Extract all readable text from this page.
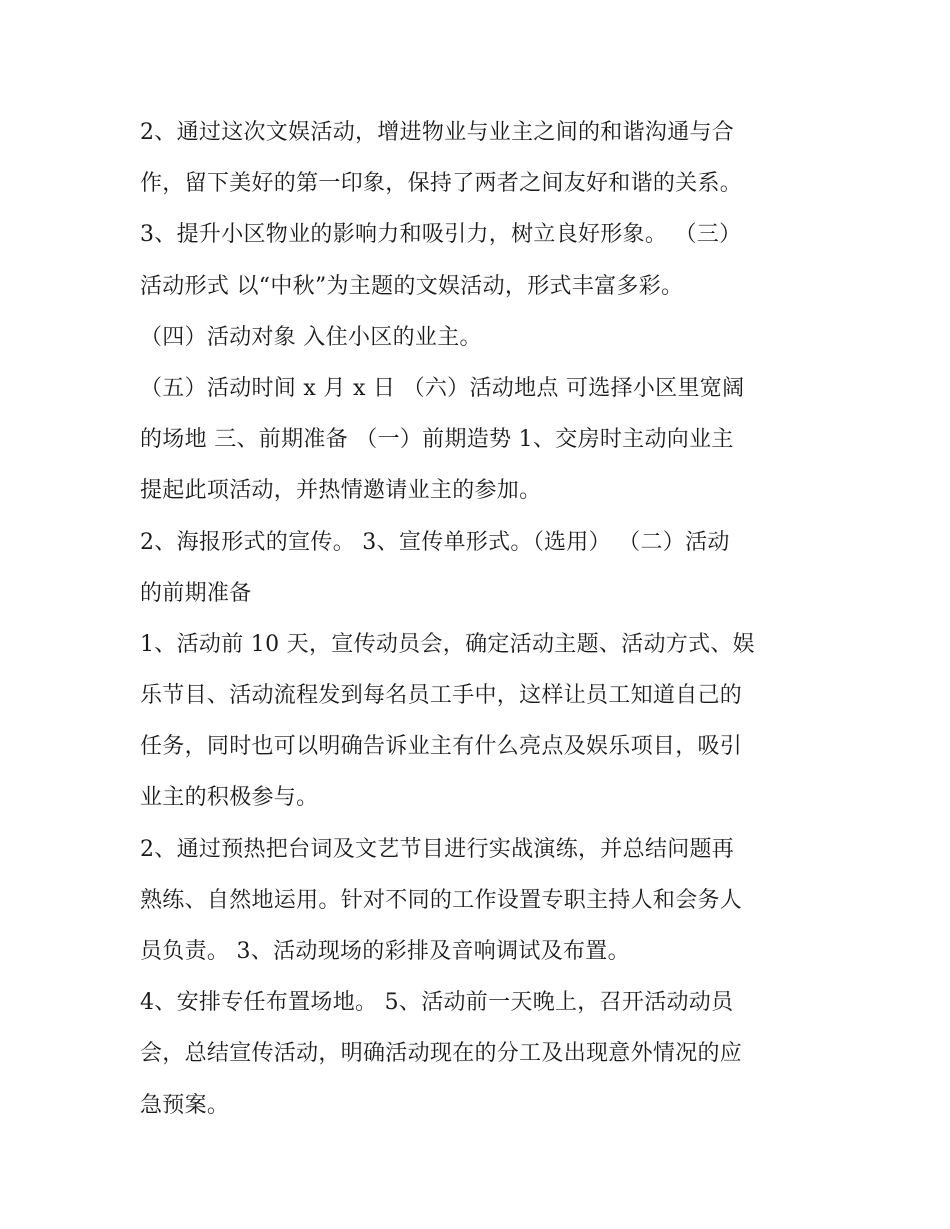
2、通过这次文娱活动，增进物业与业主之间的和谐沟通与合
作，留下美好的第一印象，保持了两者之间友好和谐的关系。
3、提升小区物业的影响力和吸引力，树立良好形象。 （三）
活动形式 以“中秋”为主题的文娱活动，形式丰富多彩。
（四）活动对象 入住小区的业主。
（五）活动时间 x 月 x 日 （六）活动地点 可选择小区里宽阔
的场地 三、前期准备 （一）前期造势 1、交房时主动向业主
提起此项活动，并热情邀请业主的参加。
2、海报形式的宣传。 3、宣传单形式。（选用） （二）活动
的前期准备
1、活动前 10 天，宣传动员会，确定活动主题、活动方式、娱
乐节目、活动流程发到每名员工手中，这样让员工知道自己的
任务，同时也可以明确告诉业主有什么亮点及娱乐项目，吸引
业主的积极参与。
2、通过预热把台词及文艺节目进行实战演练，并总结问题再
熟练、自然地运用。针对不同的工作设置专职主持人和会务人
员负责。 3、活动现场的彩排及音响调试及布置。
4、安排专任布置场地。 5、活动前一天晚上，召开活动动员
会，总结宣传活动，明确活动现在的分工及出现意外情况的应
急预案。
